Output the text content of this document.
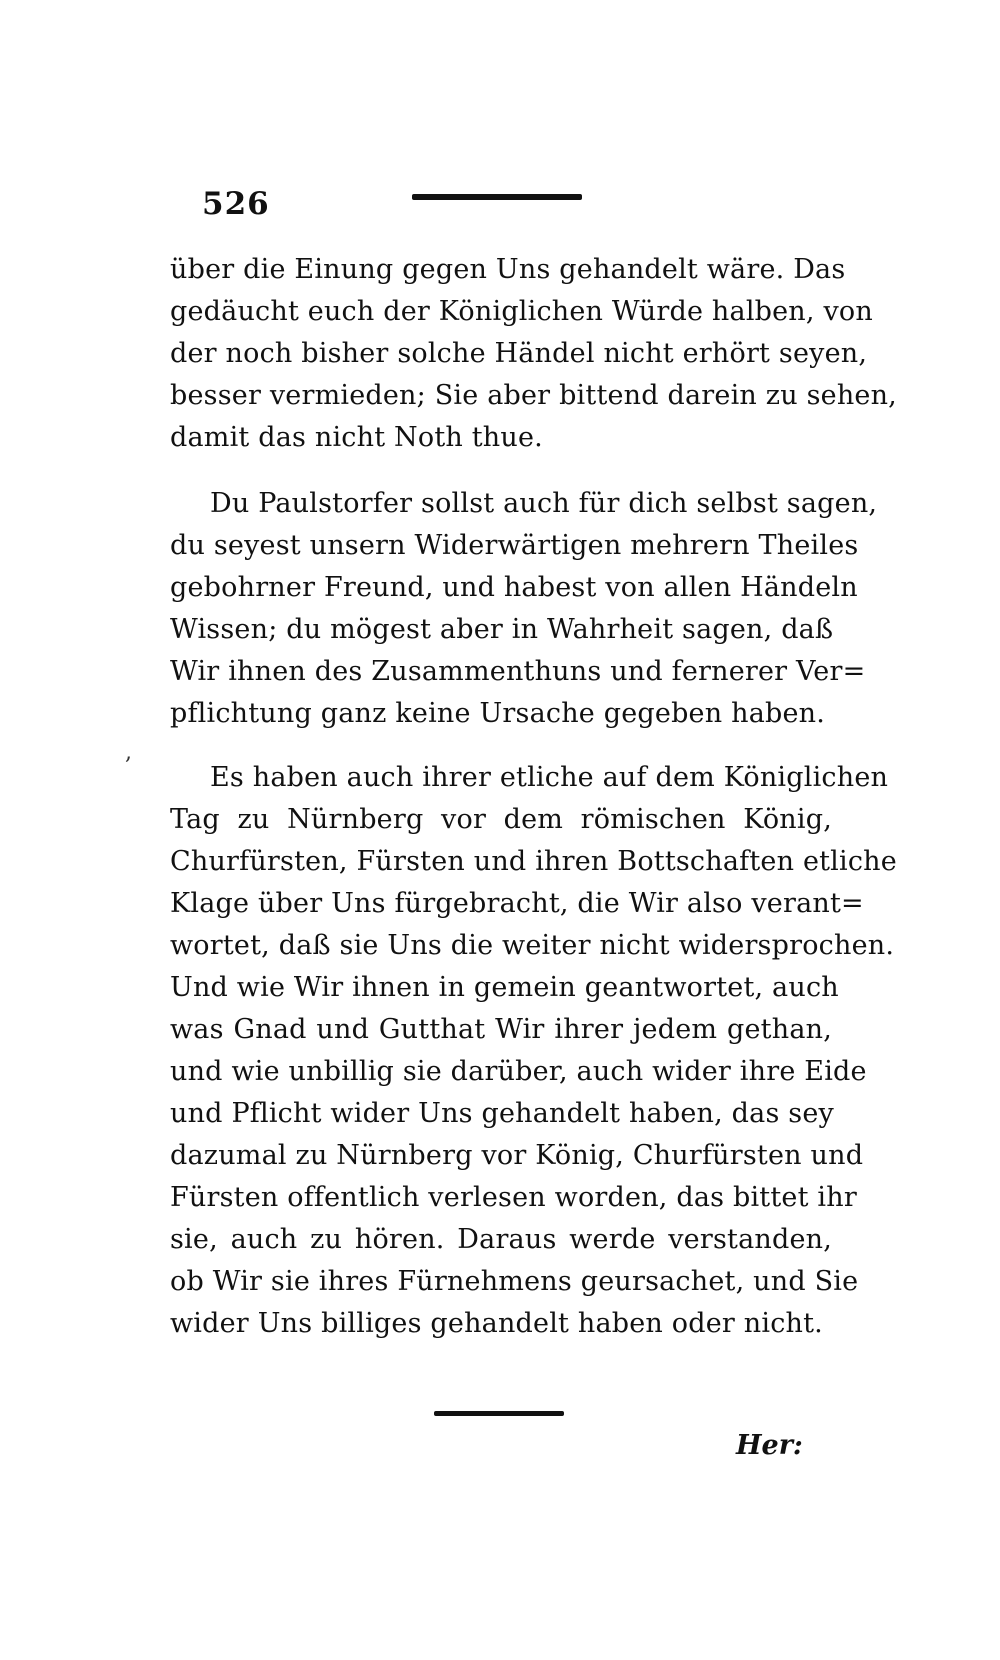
526
über die Einung gegen Uns gehandelt wäre. Das
gedäucht euch der Königlichen Würde halben, von
der noch bisher solche Händel nicht erhört seyen,
besser vermieden; Sie aber bittend darein zu sehen,
damit das nicht Noth thue.
Du Paulstorfer sollst auch für dich selbst sagen,
du seyest unsern Widerwärtigen mehrern Theiles
gebohrner Freund, und habest von allen Händeln
Wissen; du mögest aber in Wahrheit sagen, daß
Wir ihnen des Zusammenthuns und fernerer Ver=
pflichtung ganz keine Ursache gegeben haben.
,
Es haben auch ihrer etliche auf dem Königlichen
Tag zu Nürnberg vor dem römischen König,
Churfürsten, Fürsten und ihren Bottschaften etliche
Klage über Uns fürgebracht, die Wir also verant=
wortet, daß sie Uns die weiter nicht widersprochen.
Und wie Wir ihnen in gemein geantwortet, auch
was Gnad und Gutthat Wir ihrer jedem gethan,
und wie unbillig sie darüber, auch wider ihre Eide
und Pflicht wider Uns gehandelt haben, das sey
dazumal zu Nürnberg vor König, Churfürsten und
Fürsten offentlich verlesen worden, das bittet ihr
sie, auch zu hören. Daraus werde verstanden,
ob Wir sie ihres Fürnehmens geursachet, und Sie
wider Uns billiges gehandelt haben oder nicht.
Her:
